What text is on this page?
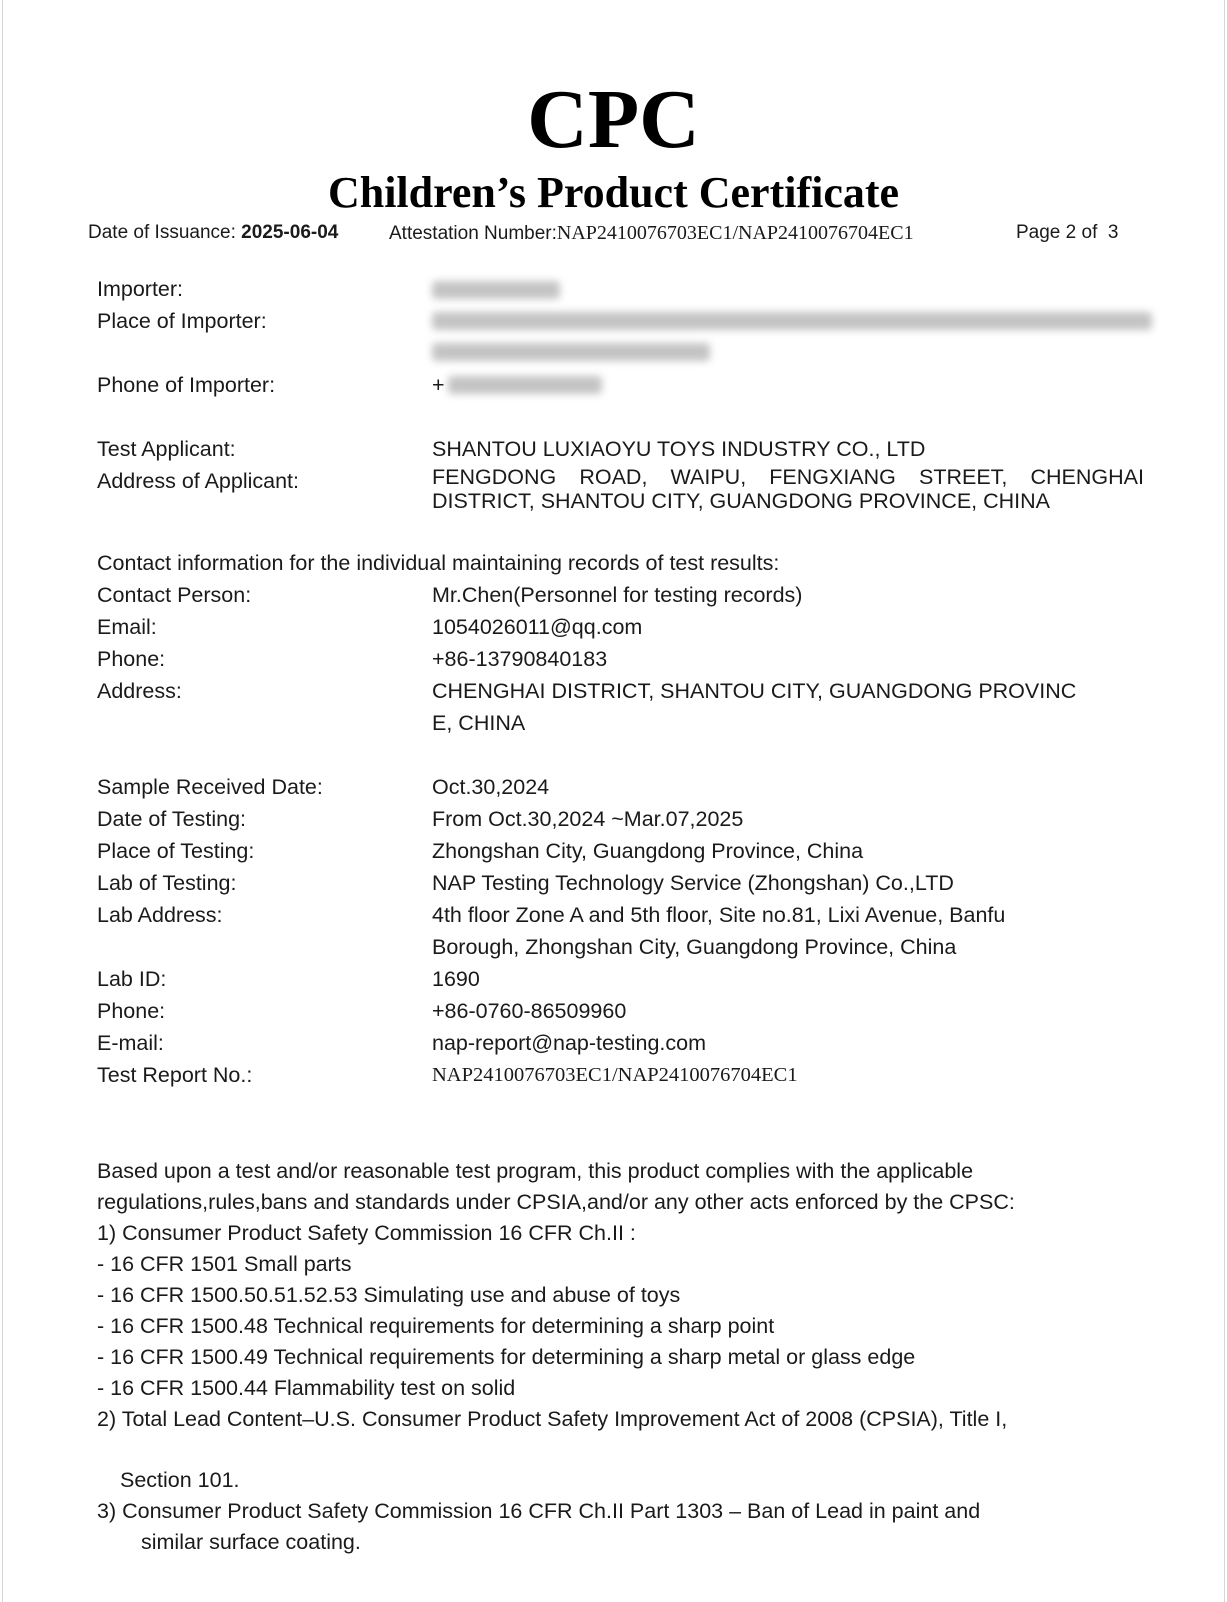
CPC
Children’s Product Certificate
Date of Issuance: 2025-06-04	Attestation Number:NAP2410076703EC1/NAP2410076704EC1	Page 2 of  3
Importer:
Place of Importer:
Phone of Importer:	+
Test Applicant:	SHANTOU LUXIAOYU TOYS INDUSTRY CO., LTD
Address of Applicant:	FENGDONG ROAD, WAIPU, FENGXIANG STREET, CHENGHAI DISTRICT, SHANTOU CITY, GUANGDONG PROVINCE, CHINA
Contact information for the individual maintaining records of test results:
Contact Person:	Mr.Chen(Personnel for testing records)
Email:	1054026011@qq.com
Phone:	+86-13790840183
Address:	CHENGHAI DISTRICT, SHANTOU CITY, GUANGDONG PROVINC
E, CHINA
Sample Received Date:	Oct.30,2024
Date of Testing:	From Oct.30,2024 ~Mar.07,2025
Place of Testing:	Zhongshan City, Guangdong Province, China
Lab of Testing:	NAP Testing Technology Service (Zhongshan) Co.,LTD
Lab Address:	4th floor Zone A and 5th floor, Site no.81, Lixi Avenue, Banfu
Borough, Zhongshan City, Guangdong Province, China
Lab ID:	1690
Phone:	+86-0760-86509960
E-mail:	nap-report@nap-testing.com
Test Report No.:	NAP2410076703EC1/NAP2410076704EC1
Based upon a test and/or reasonable test program, this product complies with the applicable
regulations,rules,bans and standards under CPSIA,and/or any other acts enforced by the CPSC:
1) Consumer Product Safety Commission 16 CFR Ch.II :
- 16 CFR 1501 Small parts
- 16 CFR 1500.50.51.52.53 Simulating use and abuse of toys
- 16 CFR 1500.48 Technical requirements for determining a sharp point
- 16 CFR 1500.49 Technical requirements for determining a sharp metal or glass edge
- 16 CFR 1500.44 Flammability test on solid
2) Total Lead Content–U.S. Consumer Product Safety Improvement Act of 2008 (CPSIA), Title I,
Section 101.
3) Consumer Product Safety Commission 16 CFR Ch.II Part 1303 – Ban of Lead in paint and
similar surface coating.
